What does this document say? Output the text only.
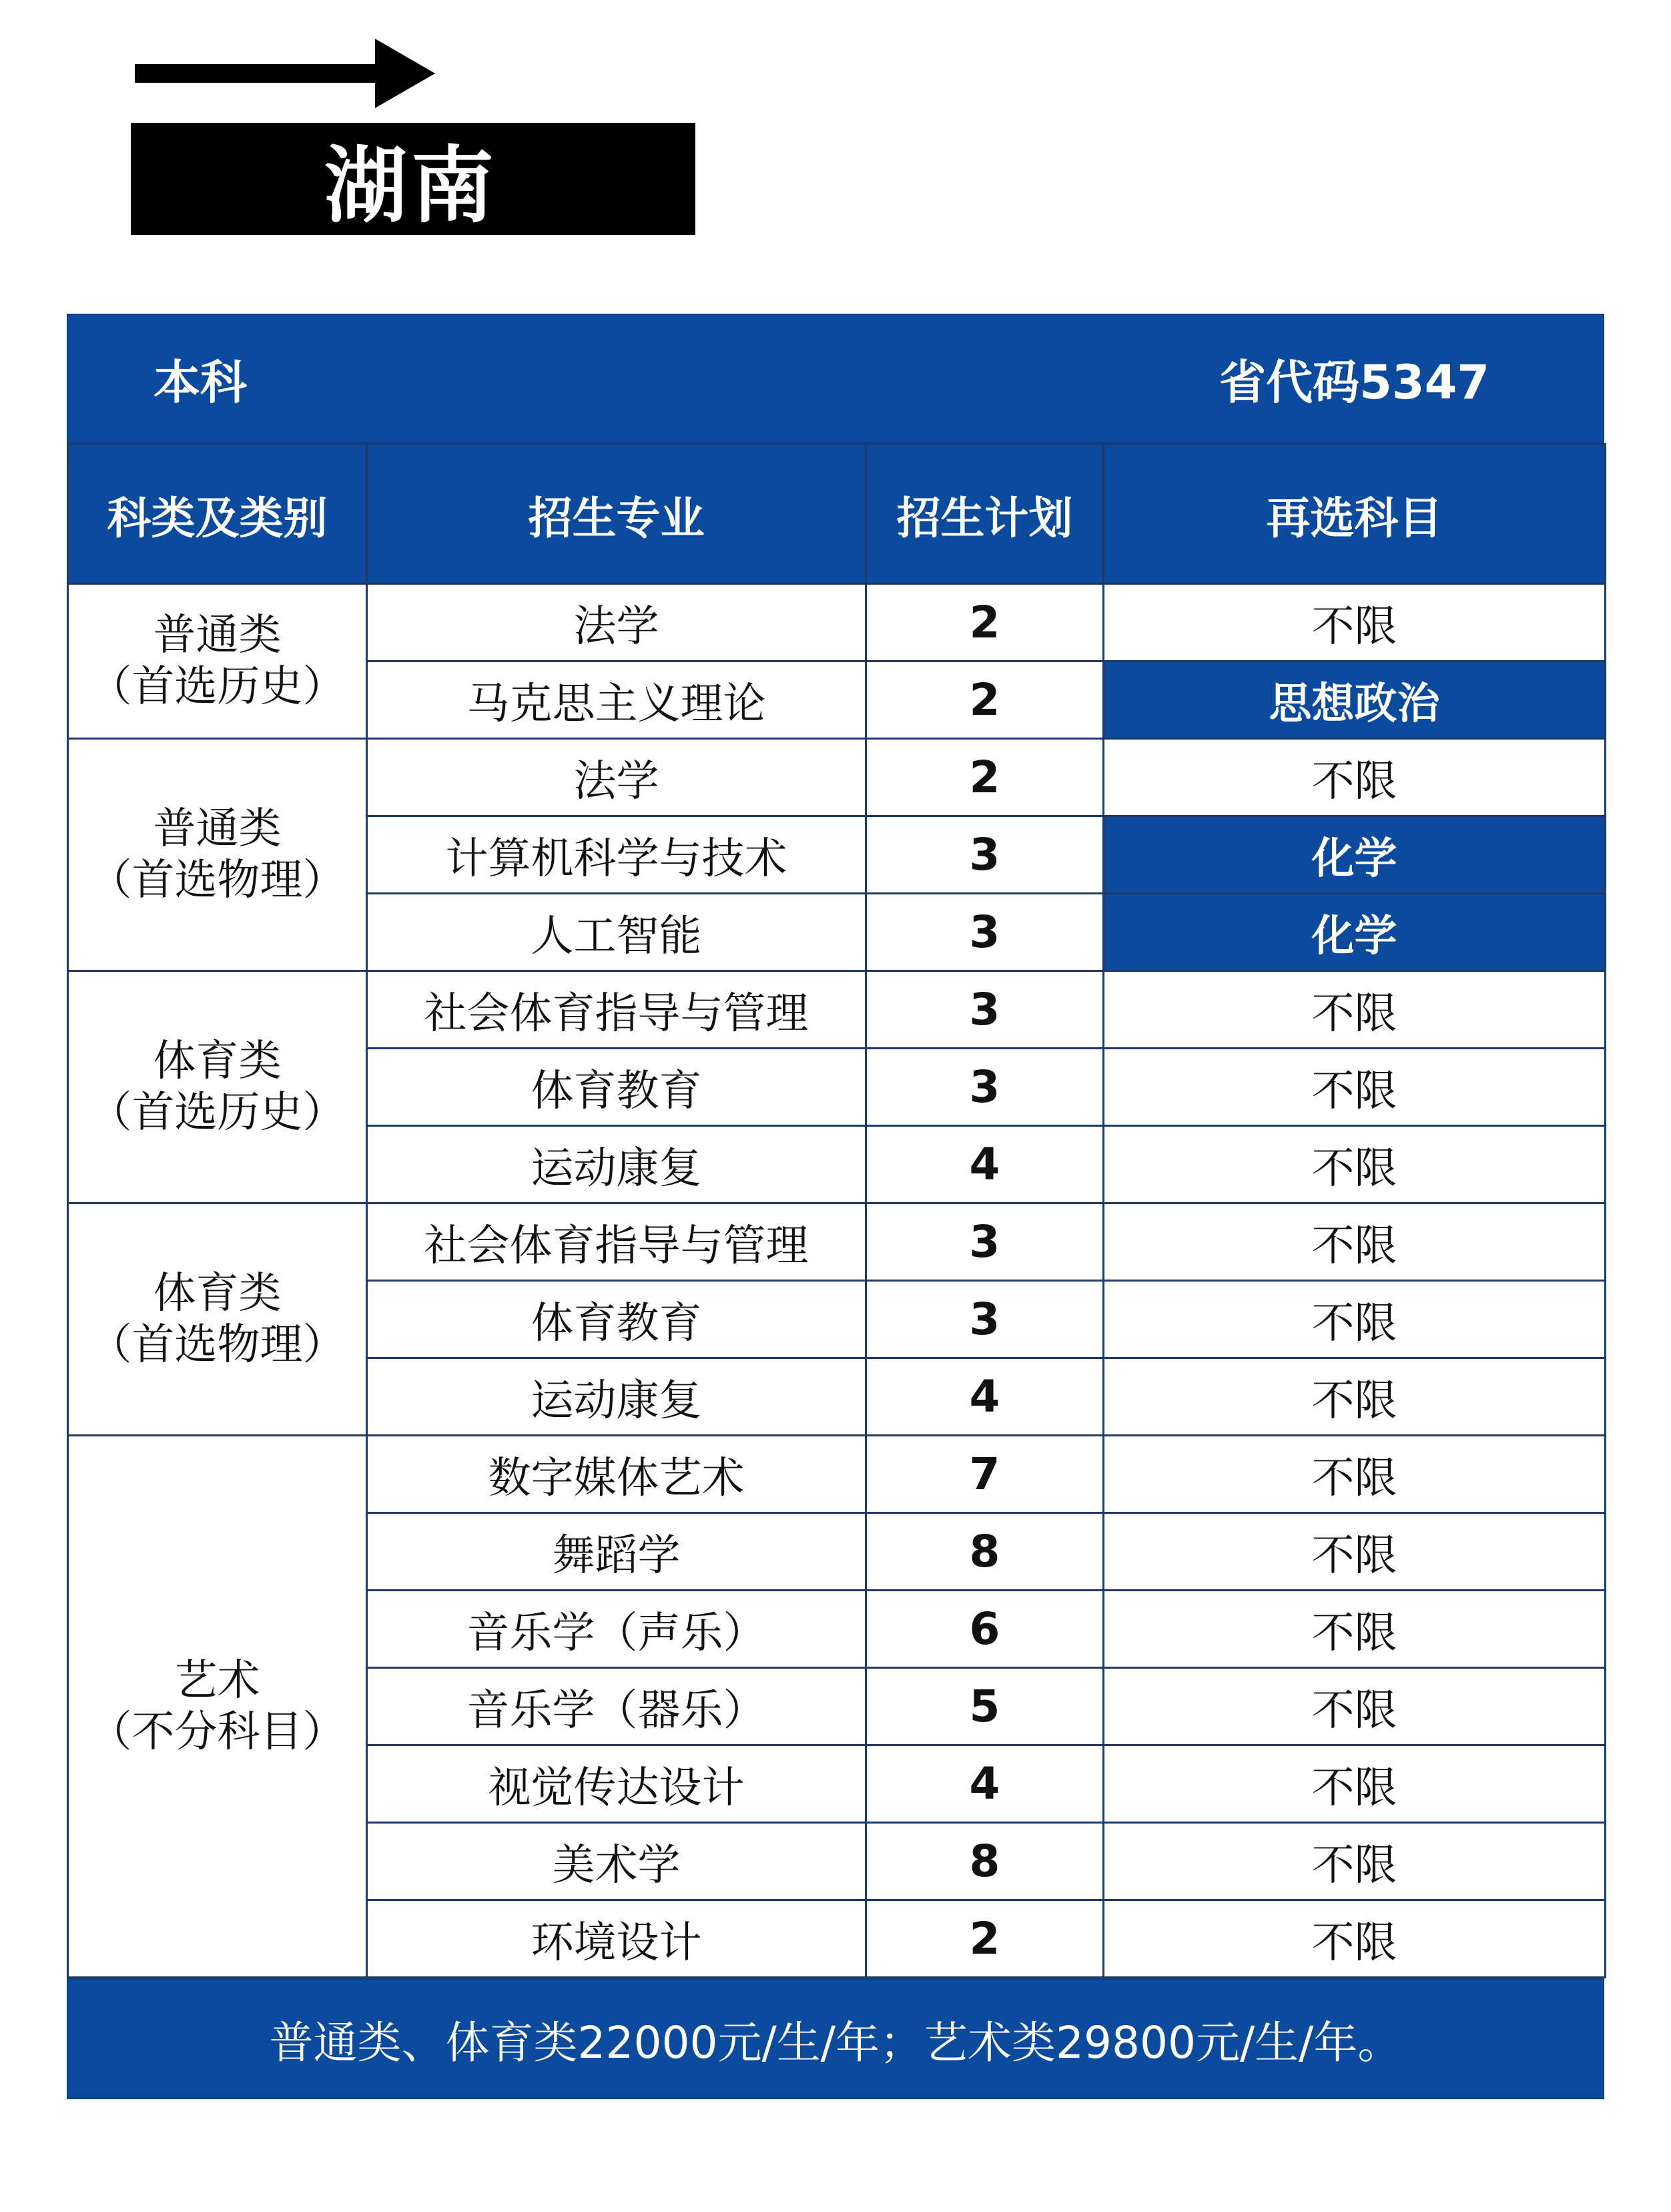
湖南
本科	省代码5347
科类及类别	招生专业	招生计划	再选科目

普通类
（首选历史）	法学	2	不限
	马克思主义理论	2	思想政治

普通类
（首选物理）	法学	2	不限
	计算机科学与技术	3	化学
	人工智能	3	化学

体育类
（首选历史）	社会体育指导与管理	3	不限
	体育教育	3	不限
	运动康复	4	不限

体育类
（首选物理）	社会体育指导与管理	3	不限
	体育教育	3	不限
	运动康复	4	不限

艺术
（不分科目）	数字媒体艺术	7	不限
	舞蹈学	8	不限
	音乐学（声乐）	6	不限
	音乐学（器乐）	5	不限
	视觉传达设计	4	不限
	美术学	8	不限
	环境设计	2	不限
普通类、体育类22000元/生/年；艺术类29800元/生/年。
